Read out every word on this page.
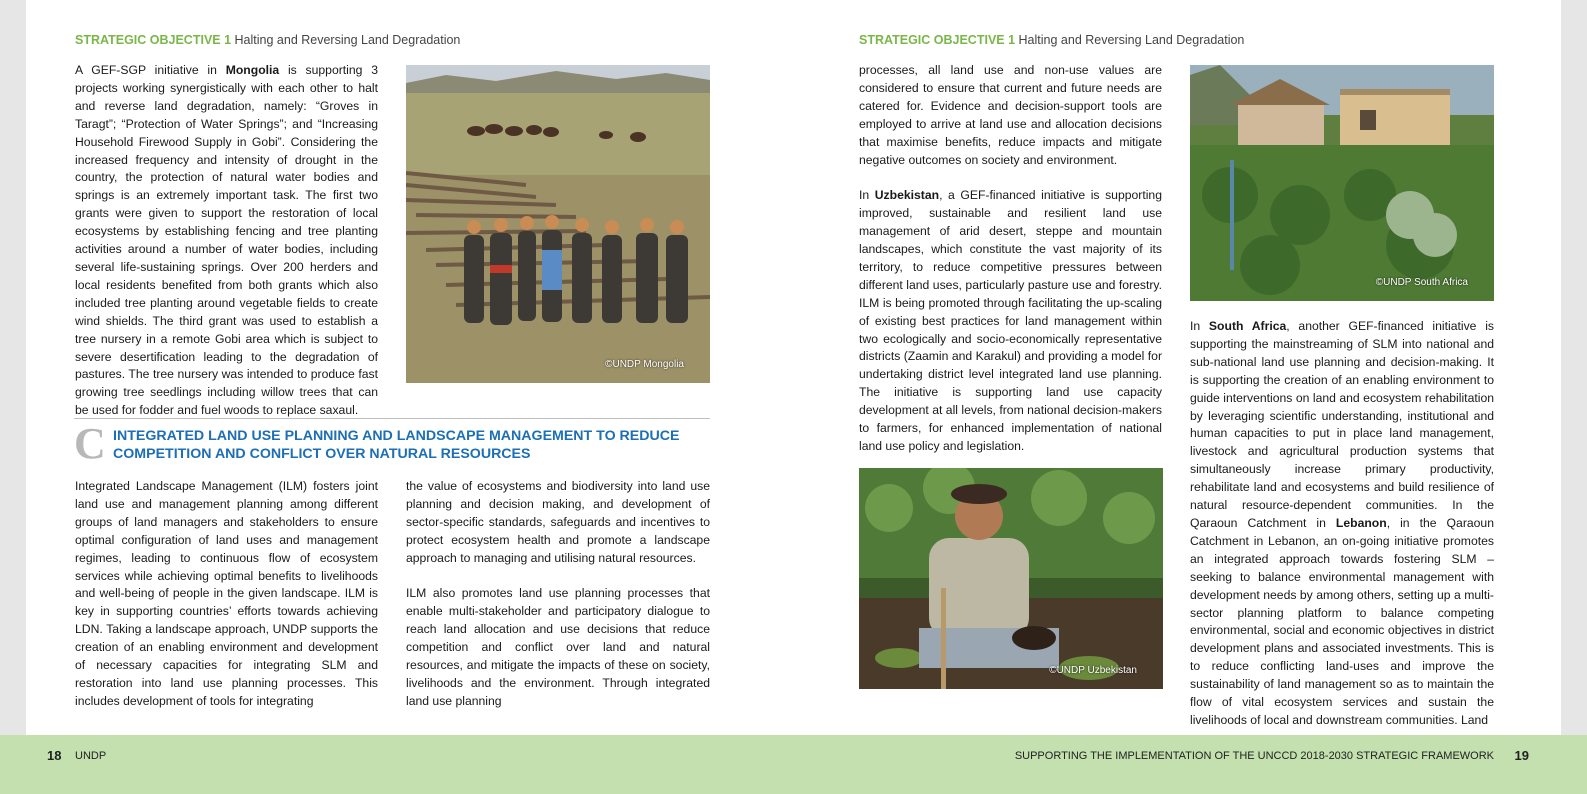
STRATEGIC OBJECTIVE 1 Halting and Reversing Land Degradation

A GEF-SGP initiative in Mongolia is supporting 3 projects working synergistically with each other to halt and reverse land degradation, namely: “Groves in Taragt”; “Protection of Water Springs”; and “Increasing Household Firewood Supply in Gobi”. Considering the increased frequency and intensity of drought in the country, the protection of natural water bodies and springs is an extremely important task. The first two grants were given to support the restoration of local ecosystems by establishing fencing and tree planting activities around a number of water bodies, including several life-sustaining springs. Over 200 herders and local residents benefited from both grants which also included tree planting around vegetable fields to create wind shields. The third grant was used to establish a tree nursery in a remote Gobi area which is subject to severe desertification leading to the degradation of pastures. The tree nursery was intended to produce fast growing tree seedlings including willow trees that can be used for fodder and fuel woods to replace saxaul.

©UNDP Mongolia
C INTEGRATED LAND USE PLANNING AND LANDSCAPE MANAGEMENT TO REDUCE COMPETITION AND CONFLICT OVER NATURAL RESOURCES

Integrated Landscape Management (ILM) fosters joint land use and management planning among different groups of land managers and stakeholders to ensure optimal configuration of land uses and management regimes, leading to continuous flow of ecosystem services while achieving optimal benefits to livelihoods and well-being of people in the given landscape. ILM is key in supporting countries’ efforts towards achieving LDN. Taking a landscape approach, UNDP supports the creation of an enabling environment and development of necessary capacities for integrating SLM and restoration into land use planning processes. This includes development of tools for integrating

the value of ecosystems and biodiversity into land use planning and decision making, and development of sector-specific standards, safeguards and incentives to protect ecosystem health and promote a landscape approach to managing and utilising natural resources.

ILM also promotes land use planning processes that enable multi-stakeholder and participatory dialogue to reach land allocation and use decisions that reduce competition and conflict over land and natural resources, and mitigate the impacts of these on society, livelihoods and the environment. Through integrated land use planning

STRATEGIC OBJECTIVE 1 Halting and Reversing Land Degradation

processes, all land use and non-use values are considered to ensure that current and future needs are catered for. Evidence and decision-support tools are employed to arrive at land use and allocation decisions that maximise benefits, reduce impacts and mitigate negative outcomes on society and environment.

In Uzbekistan, a GEF-financed initiative is supporting improved, sustainable and resilient land use management of arid desert, steppe and mountain landscapes, which constitute the vast majority of its territory, to reduce competitive pressures between different land uses, particularly pasture use and forestry. ILM is being promoted through facilitating the up-scaling of existing best practices for land management within two ecologically and socio-economically representative districts (Zaamin and Karakul) and providing a model for undertaking district level integrated land use planning. The initiative is supporting land use capacity development at all levels, from national decision-makers to farmers, for enhanced implementation of national land use policy and legislation.

©UNDP South Africa
©UNDP Uzbekistan

In South Africa, another GEF-financed initiative is supporting the mainstreaming of SLM into national and sub-national land use planning and decision-making. It is supporting the creation of an enabling environment to guide interventions on land and ecosystem rehabilitation by leveraging scientific understanding, institutional and human capacities to put in place land management, livestock and agricultural production systems that simultaneously increase primary productivity, rehabilitate land and ecosystems and build resilience of natural resource-dependent communities. In the Qaraoun Catchment in Lebanon, in the Qaraoun Catchment in Lebanon, an on-going initiative promotes an integrated approach towards fostering SLM – seeking to balance environmental management with development needs by among others, setting up a multi-sector planning platform to balance competing environmental, social and economic objectives in district development plans and associated investments. This is to reduce conflicting land-uses and improve the sustainability of land management so as to maintain the flow of vital ecosystem services and sustain the livelihoods of local and downstream communities. Land

18 UNDP	SUPPORTING THE IMPLEMENTATION OF THE UNCCD 2018-2030 STRATEGIC FRAMEWORK 19
